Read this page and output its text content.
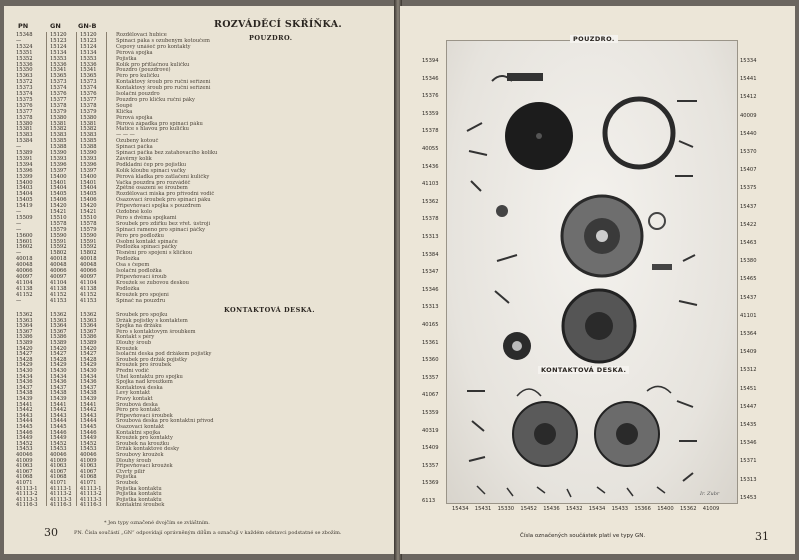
PN	GN	GN-B	ROZVÁDĚCÍ SKŘÍŇKA.
POUZDRO.
15348	15120	15120	Rozdělovací hubice
—	15123	15123	Spínací páka s ozubeným kotoučem
15324	15124	15124	Čepový unášeč pro kontakty
15351	15134	15134	Pérová spojka
15352	15353	15353	Pojistka
15336	15336	15336	Kolík pro přítlačnou kuličku
15350	15341	15341	Pouzdro (pouzdrové)
15363	15365	15365	Péro pro kuličku
15372	15373	15373	Kontaktový šroub pro ruční seřízení
15373	15374	15374	Kontaktový šroub pro ruční seřízení
15374	15376	15376	Isolační pouzdro
15375	15377	15377	Pouzdro pro kličku ruční páky
15376	15378	15378	Šoupě
15377	15379	15379	Klička
15378	15380	15380	Pérová spojka
15380	15381	15381	Pérová západka pro spínací páku
15381	15382	15382	Matice s hlavou pro kuličku
15383	15383	15383	— — —
15384	15385	15385	Ozubený kotouč
—	15388	15388	Spínací páčka
15389	15390	15390	Spínací páčka bez zatahovacího kolíku
15391	15393	15393	Závěrný kolík
15394	15396	15396	Podkladní čep pro pojistku
15396	15397	15397	Kolík kloubu spínací vačky
15399	15400	15400	Pérová kladka pro zatlačení kuličky
15400	15401	15401	Vačka pouzdra pro rozváděč
15403	15404	15404	Zpětné osazení se šroubem
15404	15405	15405	Rozdělovací miska pro přívodní vodič
15405	15406	15406	Osazovací šroubek pro spínací páku
15419	15420	15420	Připevňovací spojka s pouzdrem
—	15421	15421	Ozdobné kolo
15509	15510	15510	Péro s dvěma spojkami
—	15578	15578	Šroubek pro zdířku bez vřet. ústrojí
—	15579	15579	Spinací rameno pro spínací páčky
15600	15590	15590	Péro pro podložku
15601	15591	15591	Osobní kontakt spínače
15602	15592	15592	Podložka spínací páčky
—	15802	15802	Těsnění pro spojení s kličkou
40018	40018	40018	Podložka
40048	40048	40048	Osa s čepem
40066	40066	40066	Isolační podložka
40097	40097	40097	Připevňovací šroub
41104	41104	41104	Kroužek se zubovou deskou
41138	41138	41138	Podložka
41152	41152	41152	Kroužek pro spojení
—	41153	41153	Spínač na pouzdru
KONTAKTOVÁ DESKA.
15362	15362	15362	Šroubek pro spojku
15363	15363	15363	Držák pojistky s kontaktem
15364	15364	15364	Spojka na držáku
15367	15367	15367	Péro s kontaktovým šroubkem
15386	15386	15386	Kontakt s péry
15389	15389	15389	Dlouhý šroub
15420	15420	15420	Kroužek
15427	15427	15427	Isolační deska pod držákem pojistky
15428	15428	15428	Šroubek pro držák pojistky
15429	15429	15429	Kroužek pro šroubek
15430	15430	15430	Přední vodič
15434	15434	15434	Úhel kontaktu pro spojku
15436	15436	15436	Spojka nad kroužkem
15437	15437	15437	Kontaktová deska
15438	15438	15438	Levý kontakt
15439	15439	15439	Pravý kontakt
15441	15441	15441	Šroubová deska
15442	15442	15442	Péro pro kontakt
15443	15443	15443	Připevňovací šroubek
15444	15444	15444	Šroubová deska pro kontaktní přívod
15445	15445	15445	Osazovací kontakt
15446	15446	15446	Kontaktní spojka
15449	15449	15449	Kroužek pro kontakty
15452	15452	15452	Šroubek na kroužku
15453	15453	15453	Držák kontaktové desky
40046	40046	40046	Šroubový kroužek
41009	41009	41009	Dlouhý šroub
41063	41063	41063	Připevňovací kroužek
41067	41067	41067	Čtvrtý pilíř
41068	41068	41068	Pojistka
41071	41071	41071	Šroubek
41113-1	41113-1	41113-1	Pojistka kontaktu
41113-2	41113-2	41113-2	Pojistka kontaktu
41113-3	41113-3	41113-3	Pojistka kontaktu
41116-3	41116-3	41116-3	Kontaktní šroubek
30
* Jen typy označené dvojčím se zvláštním.
PN. Čísla součástí „GN“ odpovídají oprávněným dílům a označují v každém odstavci podstatné se zbožím.
POUZDRO.
KONTAKTOVÁ DESKA.
15394
15346
15376
15359
15378
40055
15436
41103
15362
15378
15313
15384
15347
15346
15313
40165
15361
15360
15357
41067
15359
40319
15409
15357
15369
6113
15334
15441
15412
40009
15440
15370
15407
15375
15437
15422
15463
15380
15465
15437
41101
15364
15409
15312
15451
15447
15435
15346
15371
15313
15453
15434 15431 15330 15452 15436 15432 15434 15433 15366 15400 15362 41009
Ir. Zubr
Čísla označených součástek platí ve typy GN.	31
